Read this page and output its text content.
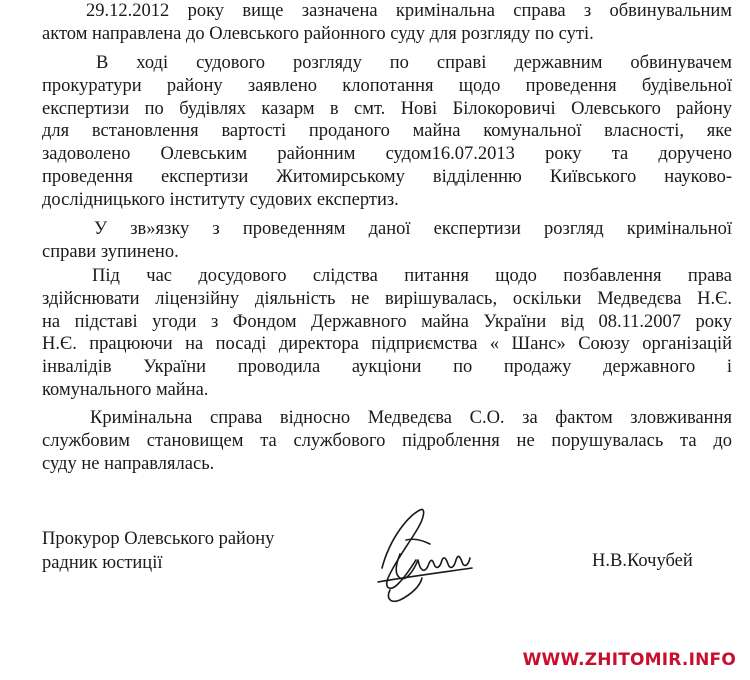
29.12.2012 року вище зазначена кримінальна справа з обвинувальним
актом направлена до Олевського районного суду для розгляду по суті.
В ході судового розгляду по справі державним обвинувачем
прокуратури району заявлено клопотання щодо проведення будівельної
експертизи по будівлях казарм в смт. Нові Білокоровичі Олевського району
для встановлення вартості проданого майна комунальної власності, яке
задоволено Олевським районним судом16.07.2013 року та доручено
проведення експертизи Житомирському відділенню Київського науково-
дослідницького інституту судових експертиз.
У зв»язку з проведенням даної експертизи розгляд кримінальної
справи зупинено.
Під час досудового слідства питання щодо позбавлення права
здійснювати ліцензійну діяльність не вирішувалась, оскільки Медведєва Н.Є.
на підставі угоди з Фондом Державного майна України від 08.11.2007 року
Н.Є. працюючи на посаді директора підприємства « Шанс» Союзу організацій
інвалідів України проводила аукціони по продажу державного і
комунального майна.
Кримінальна справа відносно Медведєва С.О. за фактом зловживання
службовим становищем та службового підроблення не порушувалась та до
суду не направлялась.
Прокурор Олевського району
радник юстиції	Н.В.Кочубей
WWW.ZHITOMIR.INFO
